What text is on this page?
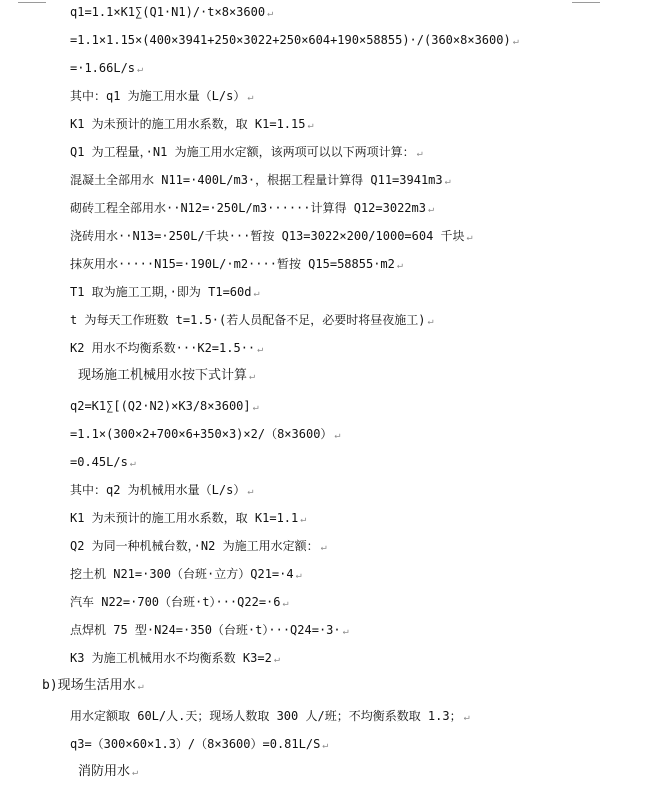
q1=1.1×K1∑(Q1·N1)/·t×8×3600 ↵
=1.1×1.15×(400×3941+250×3022+250×604+190×58855)·/(360×8×3600) ↵
=·1.66L/s ↵
其中：q1 为施工用水量（L/s） ↵
K1 为未预计的施工用水系数，取 K1=1.15 ↵
Q1 为工程量，·N1 为施工用水定额，该两项可以以下两项计算： ↵
混凝土全部用水 N11=·400L/m3·，根据工程量计算得 Q11=3941m3 ↵
砌砖工程全部用水··N12=·250L/m3······计算得 Q12=3022m3 ↵
浇砖用水··N13=·250L/千块···暂按 Q13=3022×200/1000=604 千块 ↵
抹灰用水·····N15=·190L/·m2····暂按 Q15=58855·m2 ↵
T1 取为施工工期，·即为 T1=60d ↵
t 为每天工作班数 t=1.5·(若人员配备不足，必要时将昼夜施工) ↵
K2 用水不均衡系数···K2=1.5·· ↵
现场施工机械用水按下式计算 ↵
q2=K1∑[(Q2·N2)×K3/8×3600] ↵
=1.1×(300×2+700×6+350×3)×2/（8×3600） ↵
=0.45L/s ↵
其中：q2 为机械用水量（L/s） ↵
K1 为未预计的施工用水系数，取 K1=1.1 ↵
Q2 为同一种机械台数，·N2 为施工用水定额： ↵
挖土机 N21=·300（台班·立方）Q21=·4 ↵
汽车 N22=·700（台班·t）···Q22=·6 ↵
点焊机 75 型·N24=·350（台班·t）···Q24=·3· ↵
K3 为施工机械用水不均衡系数 K3=2 ↵
b)现场生活用水 ↵
用水定额取 60L/人.天；现场人数取 300 人/班；不均衡系数取 1.3； ↵
q3=（300×60×1.3）/（8×3600）=0.81L/S ↵
消防用水 ↵
